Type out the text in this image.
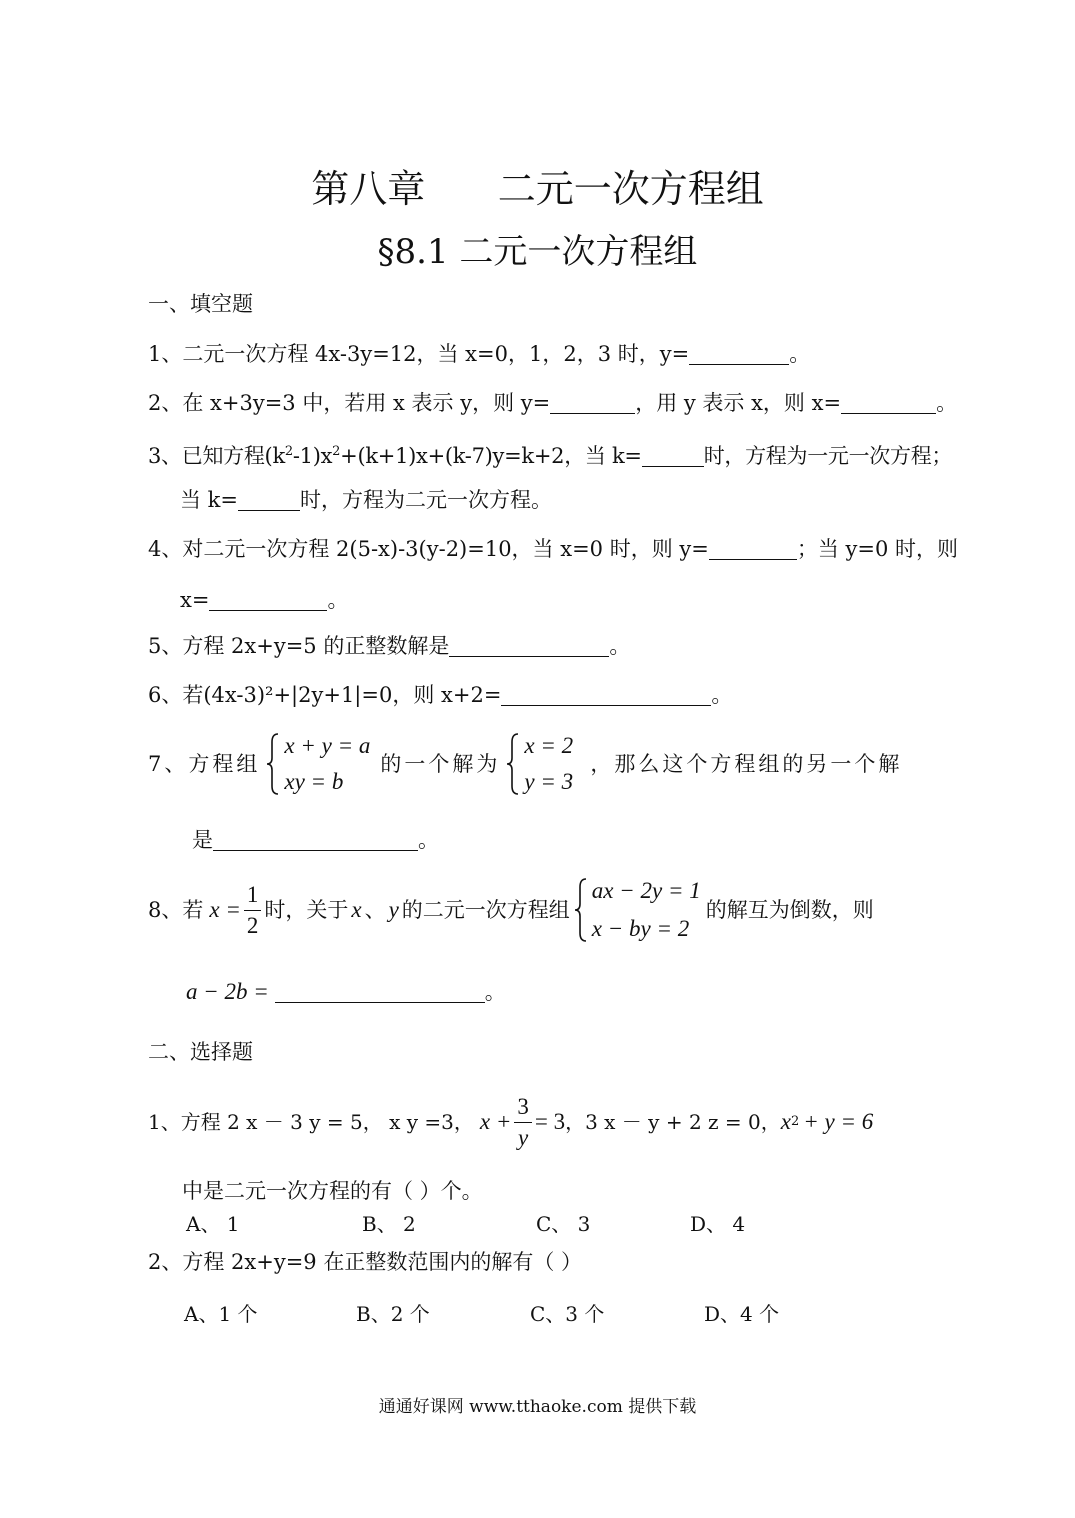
第八章      二元一次方程组
§8.1 二元一次方程组
一、填空题
1、二元一次方程 4x-3y=12，当 x=0，1，2，3 时，y=	。
2、在 x+3y=3 中，若用 x 表示 y，则 y=	，用 y 表示 x，则 x=	。
3、已知方程$(k^2-1)x^2+(k+1)x+(k-7)y=k+2$，当 k=	时，方程为一元一次方程；
当 k=	时，方程为二元一次方程。
4、对二元一次方程 2(5-x)-3(y-2)=10，当 x=0 时，则 y=	；当 y=0 时，则
x=	。
5、方程 2x+y=5 的正整数解是	。
6、若(4x-3)²+|2y+1|=0，则 x+2=	。
7、方程组
x + y = a
xy = b
的一个解为
x = 2
y = 3
，那么这个方程组的另一个解
是	。
8、若 $x = \frac{1}{2}$ 时，关于 x 、 y 的二元一次方程组
ax − 2y = 1
x − by = 2
的解互为倒数，则
a − 2b =	。
二、选择题
1、方程 2 x － 3 y = 5， x y =3， $x + \frac{3}{y} = 3$ ，3 x － y + 2 z = 0， x 2 + y = 6
中是二元一次方程的有（ ）个。
A、 1	B、 2	C、 3	D、 4
2、方程 2x+y=9 在正整数范围内的解有（ ）
A、1 个	B、2 个	C、3 个	D、4 个
通通好课网 www.tthaoke.com 提供下载
